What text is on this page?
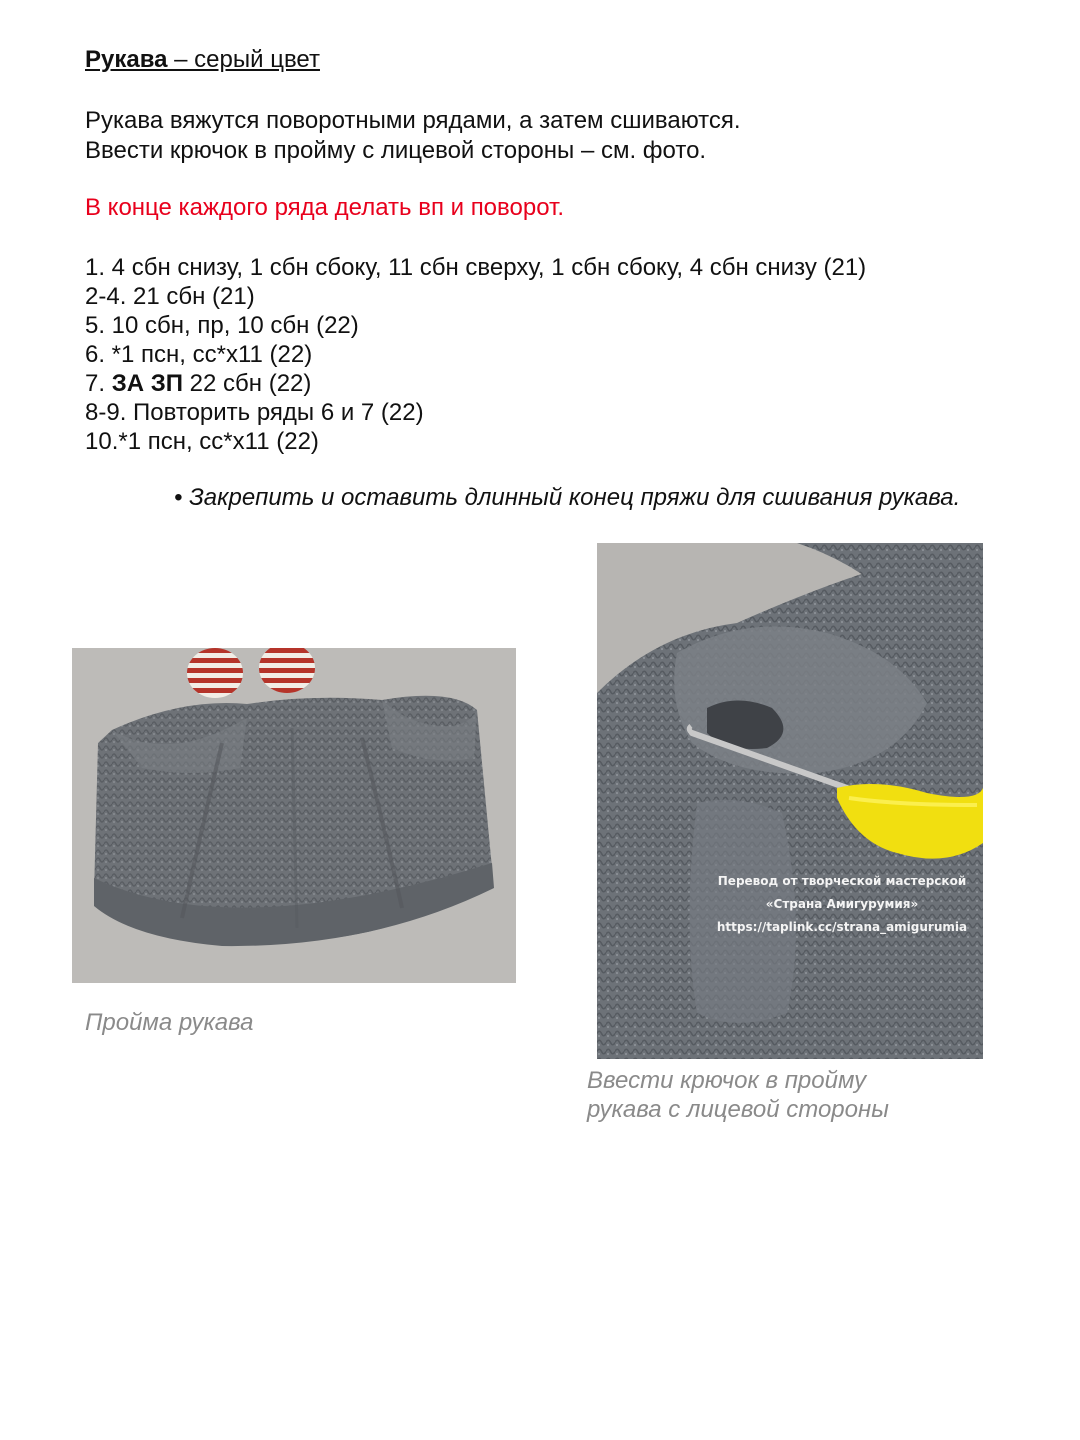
Рукава – серый цвет
Рукава вяжутся поворотными рядами, а затем сшиваются.
Ввести крючок в пройму с лицевой стороны – см. фото.
В конце каждого ряда делать вп и поворот.
1. 4 сбн снизу, 1 сбн сбоку, 11 сбн сверху, 1 сбн сбоку, 4 сбн снизу (21)
2-4. 21 сбн (21)
5. 10 сбн, пр, 10 сбн (22)
6. *1 псн, сс*х11 (22)
7. ЗА ЗП 22 сбн (22)
8-9. Повторить ряды 6 и 7 (22)
10.*1 псн, сс*х11 (22)
• Закрепить и оставить длинный конец пряжи для сшивания рукава.
Пройма рукава
Перевод от творческой мастерской
«Страна Амигурумия»
https://taplink.cc/strana_amigurumia
Ввести крючок в пройму
рукава с лицевой стороны
